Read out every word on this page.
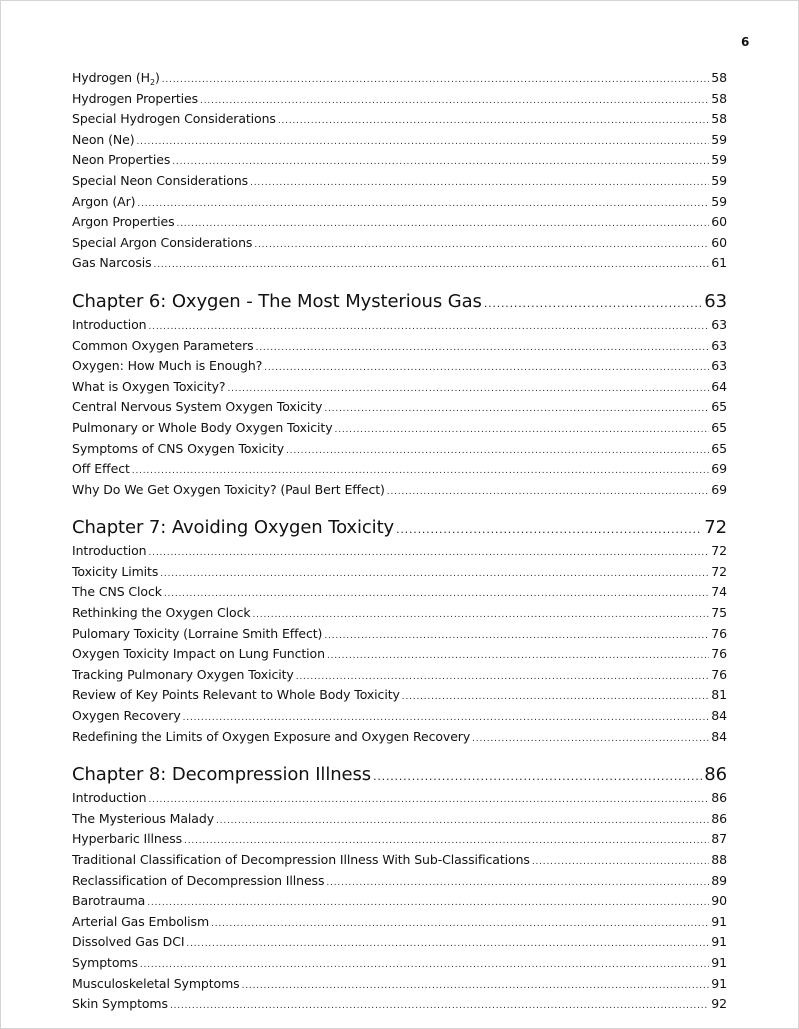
6
Hydrogen $(H_2)$ .....	58
Hydrogen Properties .....	58
Special Hydrogen Considerations .....	58
Neon (Ne) .....	59
Neon Properties .....	59
Special Neon Considerations .....	59
Argon (Ar) .....	59
Argon Properties .....	60
Special Argon Considerations .....	60
Gas Narcosis .....	61
Chapter 6: Oxygen - The Most Mysterious Gas .....	63
Introduction .....	63
Common Oxygen Parameters .....	63
Oxygen: How Much is Enough? .....	63
What is Oxygen Toxicity? .....	64
Central Nervous System Oxygen Toxicity .....	65
Pulmonary or Whole Body Oxygen Toxicity .....	65
Symptoms of CNS Oxygen Toxicity .....	65
Off Effect .....	69
Why Do We Get Oxygen Toxicity? (Paul Bert Effect) .....	69
Chapter 7: Avoiding Oxygen Toxicity .....	72
Introduction .....	72
Toxicity Limits .....	72
The CNS Clock .....	74
Rethinking the Oxygen Clock .....	75
Pulomary Toxicity (Lorraine Smith Effect) .....	76
Oxygen Toxicity Impact on Lung Function .....	76
Tracking Pulmonary Oxygen Toxicity .....	76
Review of Key Points Relevant to Whole Body Toxicity .....	81
Oxygen Recovery .....	84
Redefining the Limits of Oxygen Exposure and Oxygen Recovery .....	84
Chapter 8: Decompression Illness .....	86
Introduction .....	86
The Mysterious Malady .....	86
Hyperbaric Illness .....	87
Traditional Classification of Decompression Illness With Sub-Classifications .....	88
Reclassification of Decompression Illness .....	89
Barotrauma .....	90
Arterial Gas Embolism .....	91
Dissolved Gas DCI .....	91
Symptoms .....	91
Musculoskeletal Symptoms .....	91
Skin Symptoms .....	92
